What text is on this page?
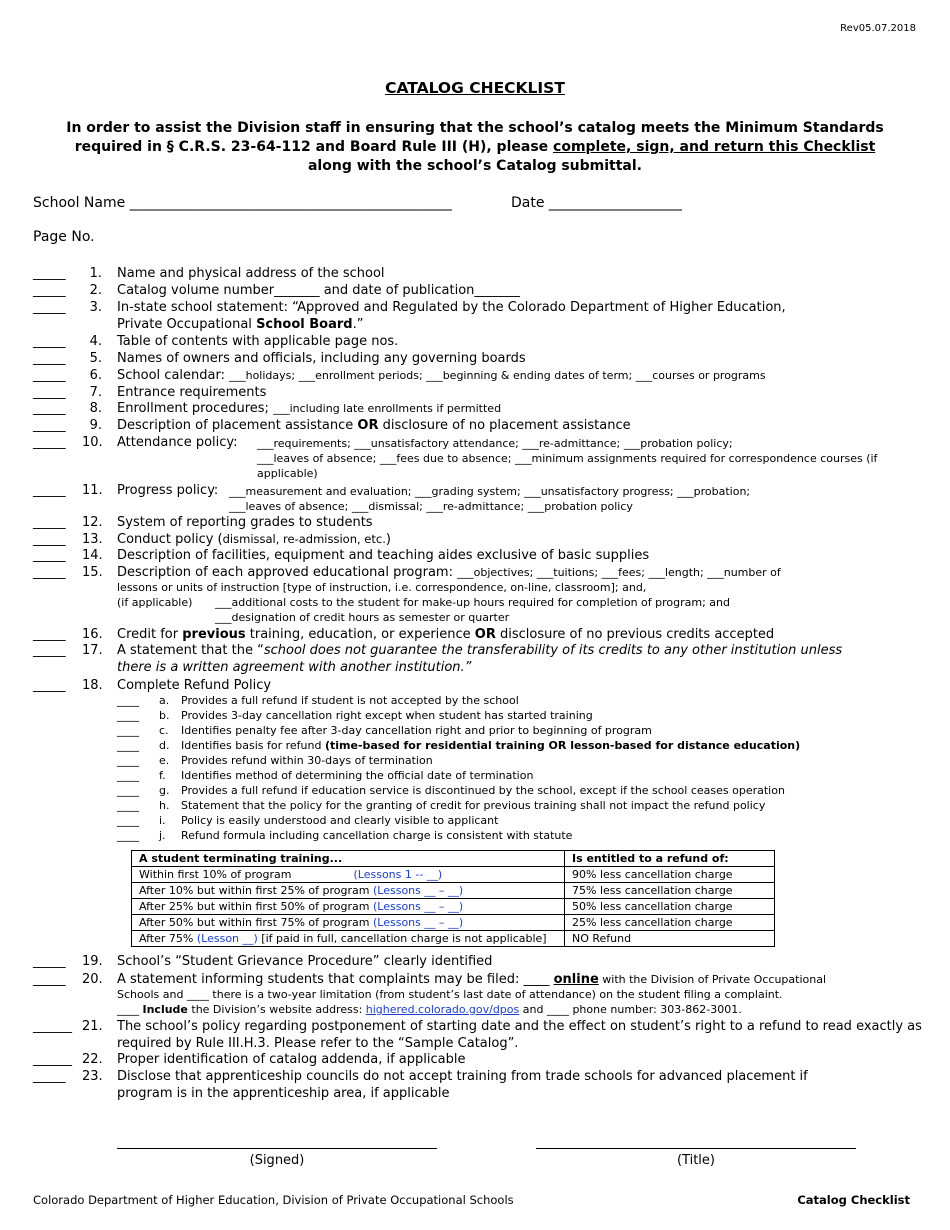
Rev05.07.2018
CATALOG CHECKLIST
In order to assist the Division staff in ensuring that the school’s catalog meets the Minimum Standards required in § C.R.S. 23-64-112 and Board Rule III (H), please complete, sign, and return this Checklist along with the school’s Catalog submittal.
School Name ______________________________________________	Date ___________________
Page No.
_____	1. Name and physical address of the school
_____	2. Catalog volume number_______ and date of publication_______
_____	3. In-state school statement: “Approved and Regulated by the Colorado Department of Higher Education,
Private Occupational School Board.”
_____	4. Table of contents with applicable page nos.
_____	5. Names of owners and officials, including any governing boards
_____	6. School calendar: ___holidays; ___enrollment periods; ___beginning & ending dates of term; ___courses or programs
_____	7. Entrance requirements
_____	8. Enrollment procedures; ___including late enrollments if permitted
_____	9. Description of placement assistance OR disclosure of no placement assistance
_____ 10. Attendance policy: ___requirements; ___unsatisfactory attendance; ___re-admittance; ___probation policy;
___leaves of absence; ___fees due to absence; ___minimum assignments required for correspondence courses (if
applicable)
_____ 11. Progress policy: ___measurement and evaluation; ___grading system; ___unsatisfactory progress; ___probation;
___leaves of absence; ___dismissal; ___re-admittance; ___probation policy
_____ 12. System of reporting grades to students
_____ 13. Conduct policy (dismissal, re-admission, etc.)
_____ 14. Description of facilities, equipment and teaching aides exclusive of basic supplies
_____ 15. Description of each approved educational program: ___objectives; ___tuitions; ___fees; ___length; ___number of
lessons or units of instruction [type of instruction, i.e. correspondence, on-line, classroom]; and,
(if applicable) ___additional costs to the student for make-up hours required for completion of program; and
___designation of credit hours as semester or quarter
_____ 16. Credit for previous training, education, or experience OR disclosure of no previous credits accepted
_____ 17. A statement that the “school does not guarantee the transferability of its credits to any other institution unless
there is a written agreement with another institution.”
_____ 18. Complete Refund Policy
____ a. Provides a full refund if student is not accepted by the school
____ b. Provides 3-day cancellation right except when student has started training
____ c. Identifies penalty fee after 3-day cancellation right and prior to beginning of program
____ d. Identifies basis for refund (time-based for residential training OR lesson-based for distance education)
____ e. Provides refund within 30-days of termination
____ f. Identifies method of determining the official date of termination
____ g. Provides a full refund if education service is discontinued by the school, except if the school ceases operation
____ h. Statement that the policy for the granting of credit for previous training shall not impact the refund policy
____ i. Policy is easily understood and clearly visible to applicant
____ j. Refund formula including cancellation charge is consistent with statute
A student terminating training...	Is entitled to a refund of:
Within first 10% of program (Lessons 1 -- __)	90% less cancellation charge
After 10% but within first 25% of program (Lessons __ – __)	75% less cancellation charge
After 25% but within first 50% of program (Lessons __ – __)	50% less cancellation charge
After 50% but within first 75% of program (Lessons __ – __)	25% less cancellation charge
After 75% (Lesson __) [if paid in full, cancellation charge is not applicable]	NO Refund
_____ 19. School’s “Student Grievance Procedure” clearly identified
_____ 20. A statement informing students that complaints may be filed: ____ online with the Division of Private Occupational
Schools and ____ there is a two-year limitation (from student’s last date of attendance) on the student filing a complaint.
____ Include the Division’s website address: highered.colorado.gov/dpos and ____ phone number: 303-862-3001.
______ 21. The school’s policy regarding postponement of starting date and the effect on student’s right to a refund to read exactly as
required by Rule III.H.3. Please refer to the “Sample Catalog”.
______ 22. Proper identification of catalog addenda, if applicable
_____ 23. Disclose that apprenticeship councils do not accept training from trade schools for advanced placement if
program is in the apprenticeship area, if applicable
(Signed)	(Title)
Colorado Department of Higher Education, Division of Private Occupational Schools	Catalog Checklist
